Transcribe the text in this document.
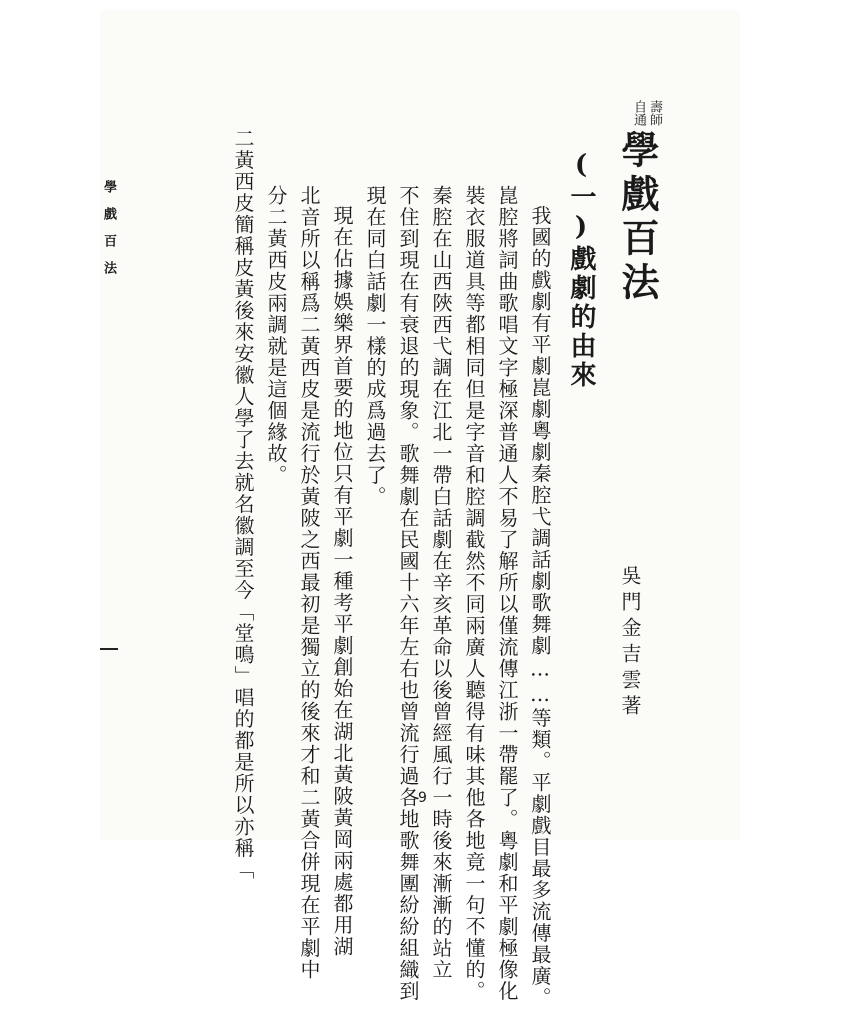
壽師
自通
學戲百法
(一)戲劇的由來
吳門金吉雲著
我國的戲劇有平劇崑劇粵劇秦腔弋調話劇歌舞劇……等類。平劇戲目最多流傳最廣。
崑腔將詞曲歌唱文字極深普通人不易了解所以僅流傳江浙一帶罷了。粵劇和平劇極像化
裝衣服道具等都相同但是字音和腔調截然不同兩廣人聽得有味其他各地竟一句不懂的。
秦腔在山西陜西弋調在江北一帶白話劇在辛亥革命以後曾經風行一時後來漸漸的站立
不住到現在有衰退的現象。歌舞劇在民國十六年左右也曾流行過各地歌舞團紛紛組織到
現在同白話劇一樣的成爲過去了。
現在佔據娛樂界首要的地位只有平劇一種考平劇創始在湖北黃陂黃岡兩處都用湖
北音所以稱爲二黃西皮是流行於黃陂之西最初是獨立的後來才和二黃合併現在平劇中
分二黃西皮兩調就是這個緣故。
二黃西皮簡稱皮黃後來安徽人學了去就名徽調至今「堂鳴」唱的都是所以亦稱「
學戲百法
9
